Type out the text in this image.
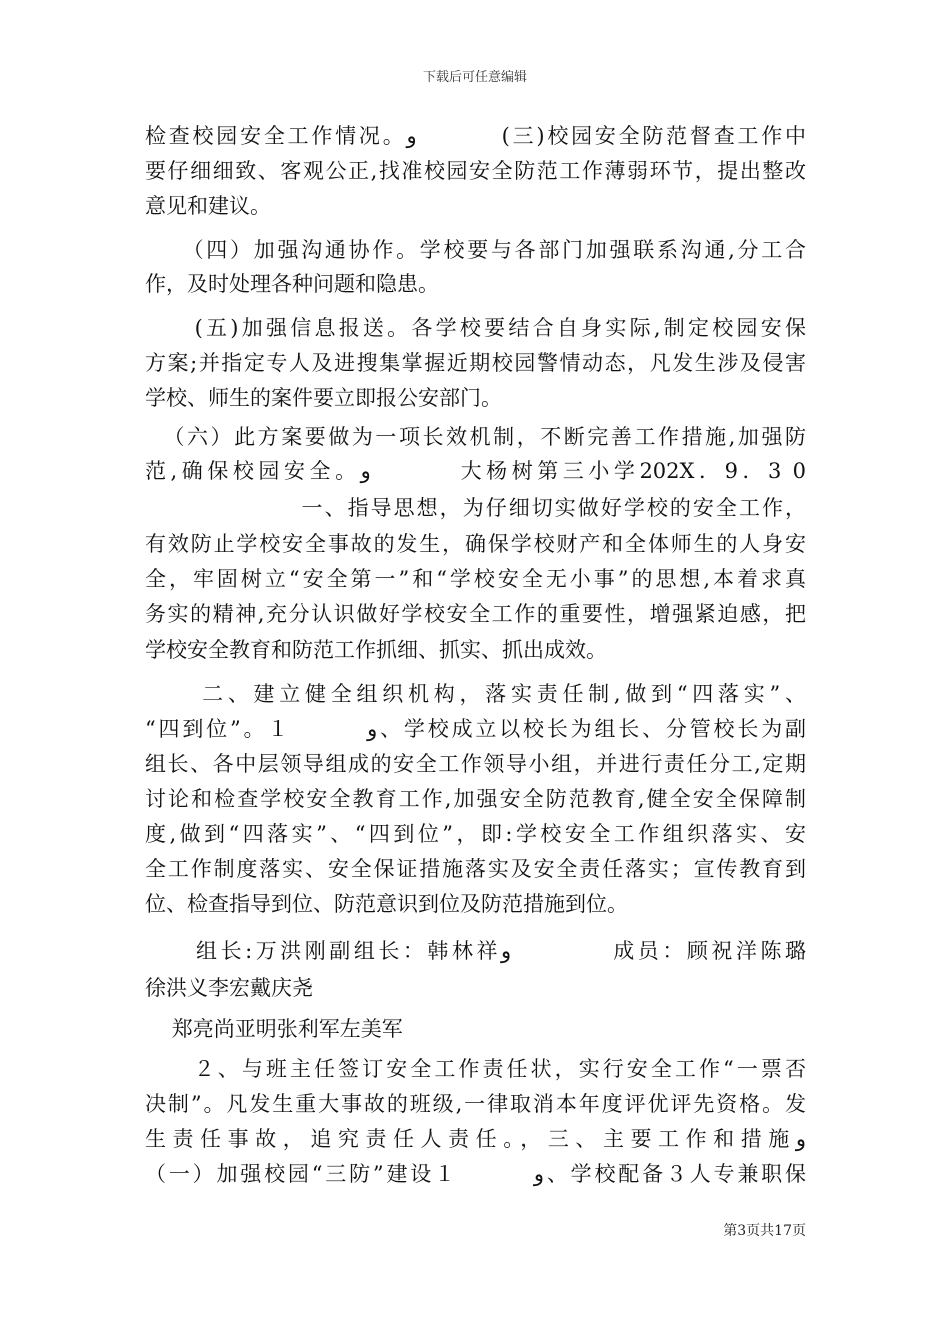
下载后可任意编辑
检查校园安全工作情况。و         (三)校园安全防范督查工作中
要仔细细致、客观公正,找准校园安全防范工作薄弱环节，提出整改
意见和建议。
（四）加强沟通协作。学校要与各部门加强联系沟通,分工合
作，及时处理各种问题和隐患。
(五)加强信息报送。各学校要结合自身实际,制定校园安保
方案;并指定专人及进搜集掌握近期校园警情动态，凡发生涉及侵害
学校、师生的案件要立即报公安部门。
（六）此方案要做为一项长效机制，不断完善工作措施,加强防
范,确保校园安全。و        大杨树第三小学202X．9．3 0
一、指导思想，为仔细切实做好学校的安全工作，
有效防止学校安全事故的发生，确保学校财产和全体师生的人身安
全，牢固树立“安全第一”和“学校安全无小事”的思想,本着求真
务实的精神,充分认识做好学校安全工作的重要性，增强紧迫感，把
学校安全教育和防范工作抓细、抓实、抓出成效。
二、建立健全组织机构，落实责任制,做到“四落实”、
“四到位”。１        و、学校成立以校长为组长、分管校长为副
组长、各中层领导组成的安全工作领导小组，并进行责任分工,定期
讨论和检查学校安全教育工作,加强安全防范教育,健全安全保障制
度,做到“四落实”、“四到位”，即:学校安全工作组织落实、安
全工作制度落实、安全保证措施落实及安全责任落实；宣传教育到
位、检查指导到位、防范意识到位及防范措施到位。
组长:万洪刚副组长：韩林祥و          成员：顾祝洋陈璐
徐洪义李宏戴庆尧
郑亮尚亚明张利军左美军
２、与班主任签订安全工作责任状，实行安全工作“一票否
决制”。凡发生重大事故的班级,一律取消本年度评优评先资格。发
生责任事故，追究责任人责任。，三、主要工作和措施و
（一）加强校园“三防”建设１        و、学校配备３人专兼职保
第3页共17页
